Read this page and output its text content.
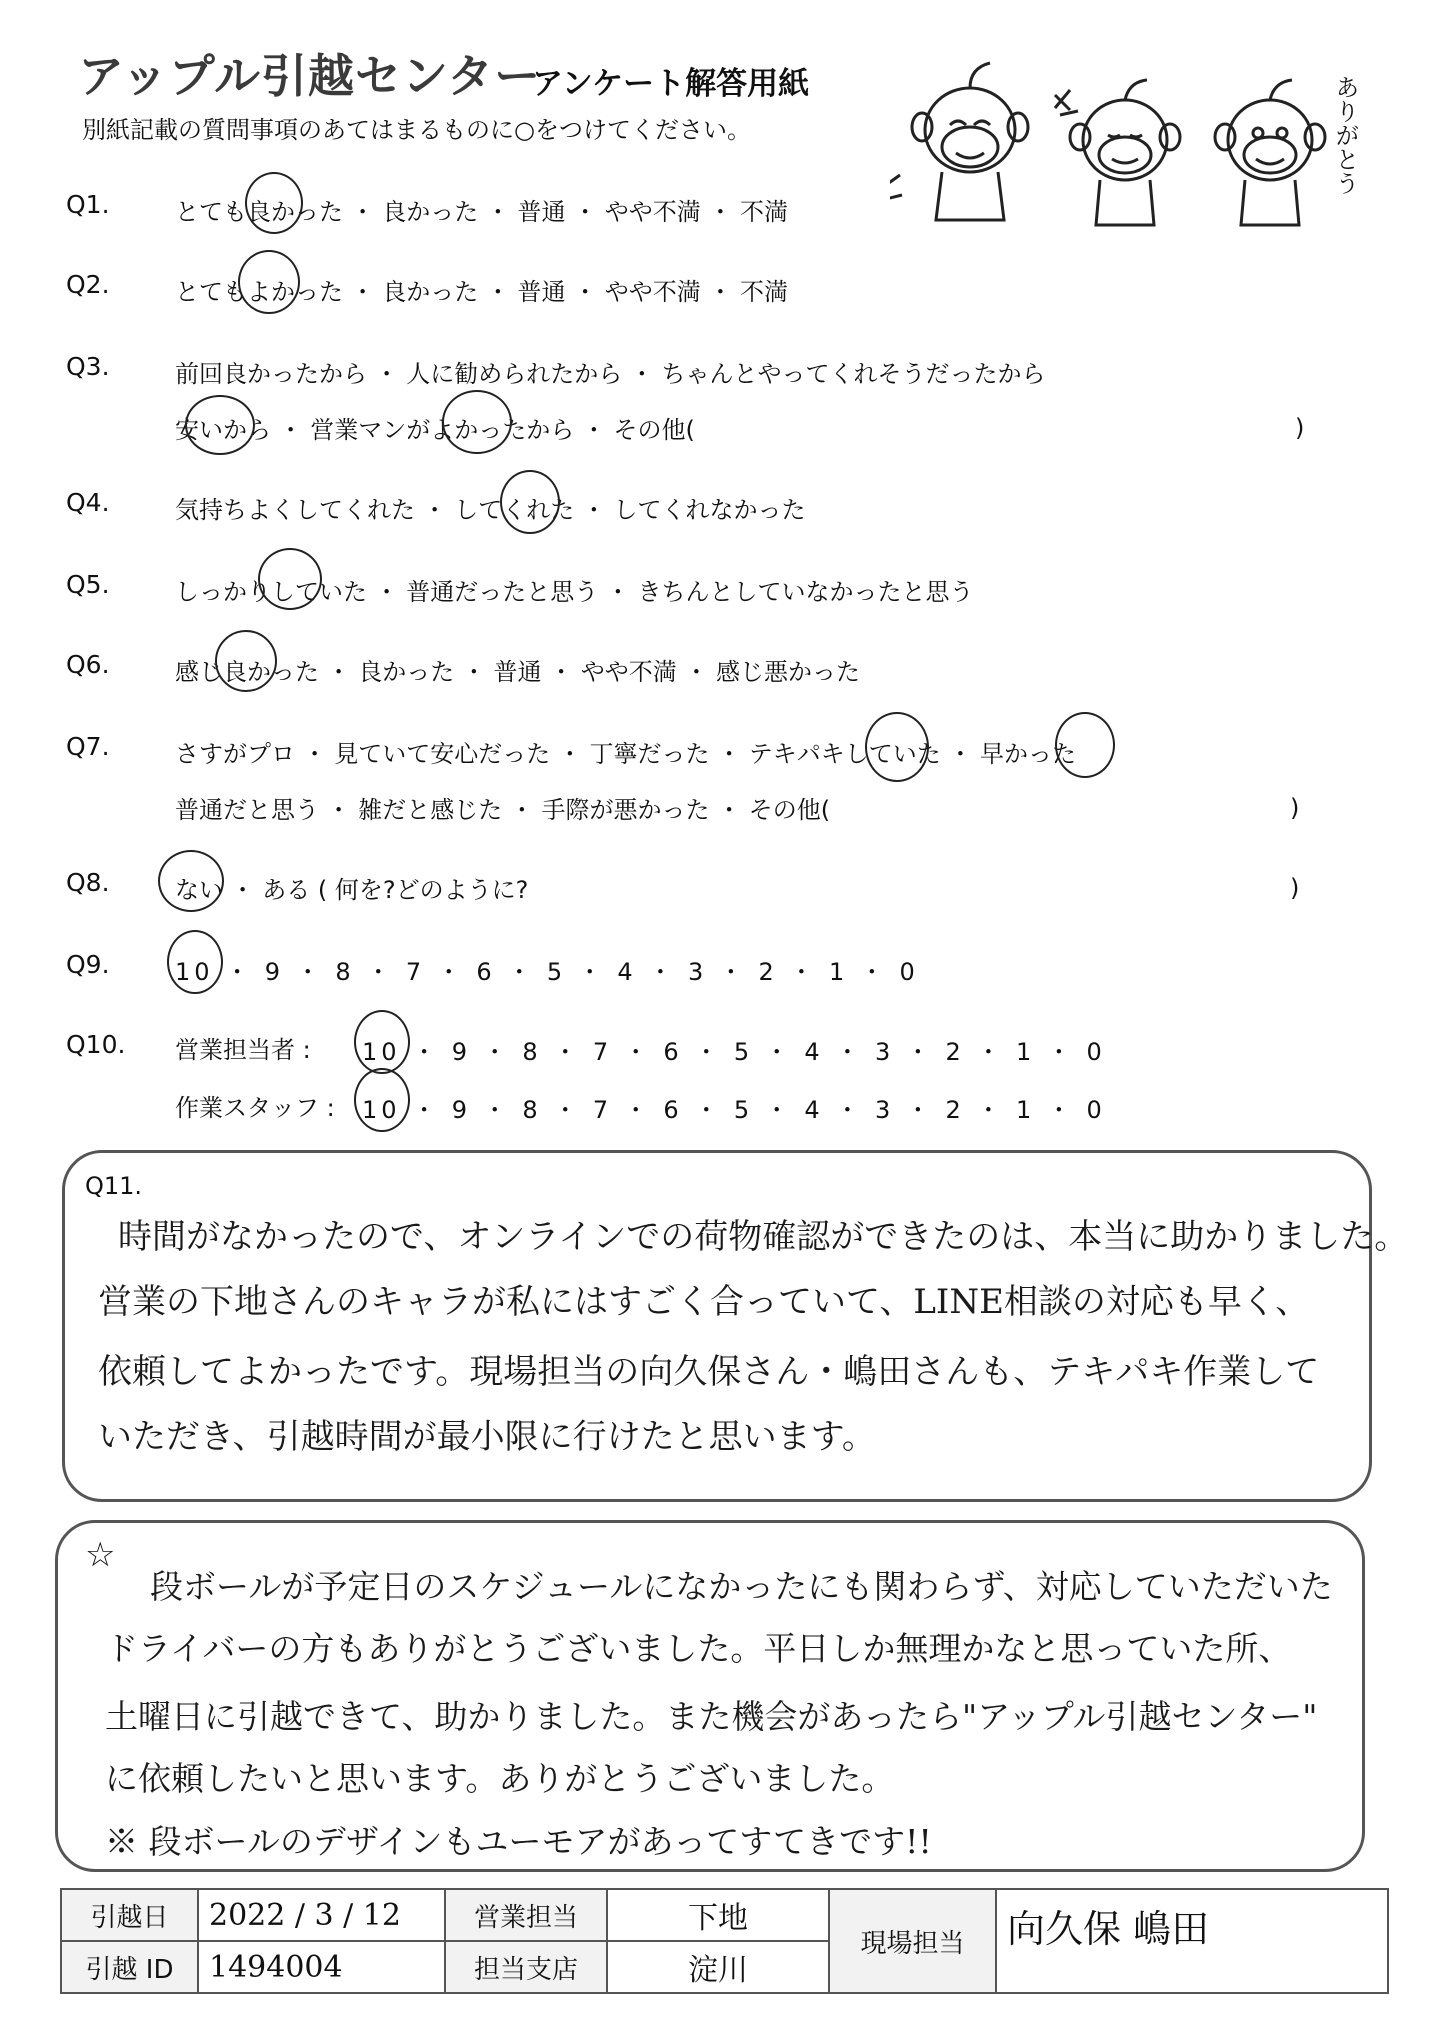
アップル引越センター
アンケート解答用紙
別紙記載の質問事項のあてはまるものに○をつけてください。	ありがとう
Q1.	とても良かった ・ 良かった ・ 普通 ・ やや不満 ・ 不満
Q2.	とてもよかった ・ 良かった ・ 普通 ・ やや不満 ・ 不満
Q3.	前回良かったから ・ 人に勧められたから ・ ちゃんとやってくれそうだったから
安いから ・ 営業マンがよかったから ・ その他(	)
Q4.	気持ちよくしてくれた ・ してくれた ・ してくれなかった
Q5.	しっかりしていた ・ 普通だったと思う ・ きちんとしていなかったと思う
Q6.	感じ良かった ・ 良かった ・ 普通 ・ やや不満 ・ 感じ悪かった
Q7.	さすがプロ ・ 見ていて安心だった ・ 丁寧だった ・ テキパキしていた ・ 早かった
普通だと思う ・ 雑だと感じた ・ 手際が悪かった ・ その他(	)
Q8.	ない ・ ある ( 何を?どのように?	)
Q9.	10 ・ 9 ・ 8 ・ 7 ・ 6 ・ 5 ・ 4 ・ 3 ・ 2 ・ 1 ・ 0
Q10. 営業担当者 : 10 ・ 9 ・ 8 ・ 7 ・ 6 ・ 5 ・ 4 ・ 3 ・ 2 ・ 1 ・ 0
作業スタッフ : 10 ・ 9 ・ 8 ・ 7 ・ 6 ・ 5 ・ 4 ・ 3 ・ 2 ・ 1 ・ 0
Q11.
時間がなかったので、オンラインでの荷物確認ができたのは、本当に助かりました。
営業の下地さんのキャラが私にはすごく合っていて、LINE相談の対応も早く、
依頼してよかったです。現場担当の向久保さん・嶋田さんも、テキパキ作業して
いただき、引越時間が最小限に行けたと思います。
☆
段ボールが予定日のスケジュールになかったにも関わらず、対応していただいた
ドライバーの方もありがとうございました。平日しか無理かなと思っていた所、
土曜日に引越できて、助かりました。また機会があったら"アップル引越センター"
に依頼したいと思います。ありがとうございました。
※ 段ボールのデザインもユーモアがあってすてきです!!
引越日	2022 / 3 / 12	営業担当	下地	現場担当	向久保 嶋田
引越 ID	1494004	担当支店	淀川		
